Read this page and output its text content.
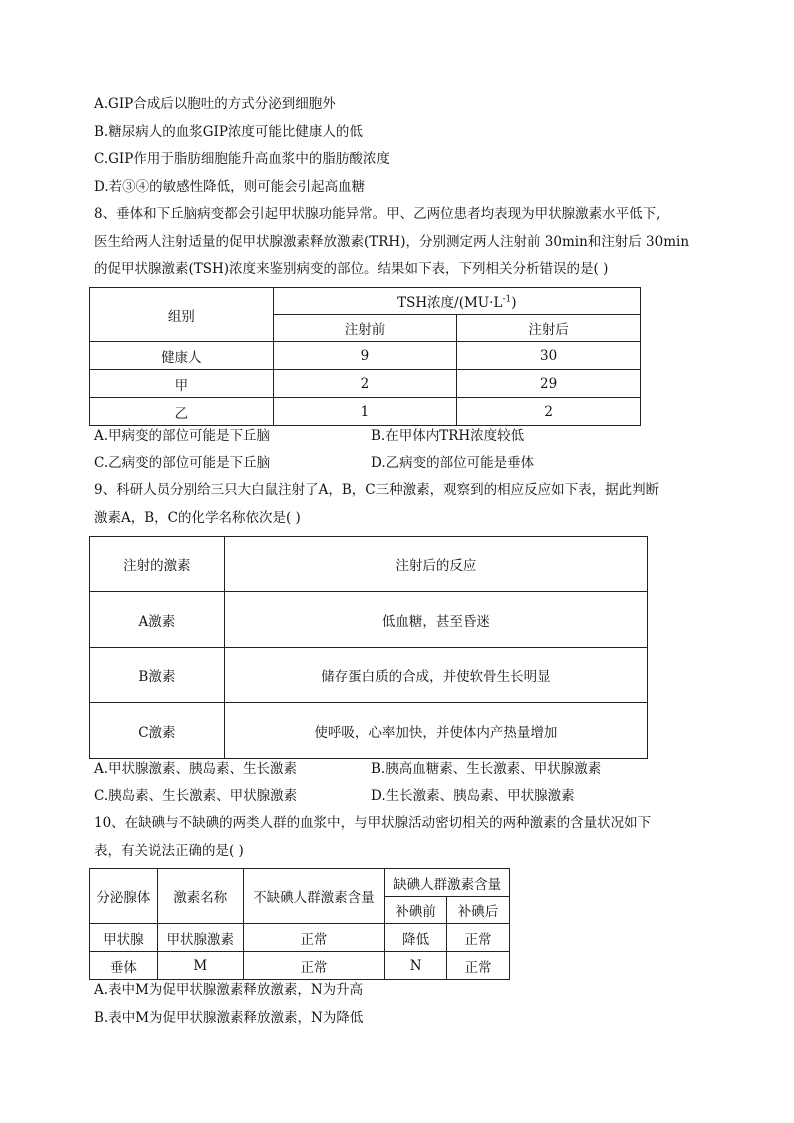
A.GIP合成后以胞吐的方式分泌到细胞外
B.糖尿病人的血浆GIP浓度可能比健康人的低
C.GIP作用于脂肪细胞能升高血浆中的脂肪酸浓度
D.若③④的敏感性降低，则可能会引起高血糖
8、垂体和下丘脑病变都会引起甲状腺功能异常。甲、乙两位患者均表现为甲状腺激素水平低下,
医生给两人注射适量的促甲状腺激素释放激素(TRH)，分别测定两人注射前 30min和注射后 30min
的促甲状腺激素(TSH)浓度来鉴别病变的部位。结果如下表，下列相关分析错误的是( )
组别	TSH浓度$/(MU\cdot L^{-1})$	
	注射前	注射后
健康人	9	30
甲	2	29
乙	1	2
A.甲病变的部位可能是下丘脑	B.在甲体内TRH浓度较低
C.乙病变的部位可能是下丘脑	D.乙病变的部位可能是垂体
9、科研人员分别给三只大白鼠注射了A，B，C三种激素，观察到的相应反应如下表，据此判断
激素A，B，C的化学名称依次是( )
注射的激素	注射后的反应
A激素	低血糖，甚至昏迷
B激素	储存蛋白质的合成，并使软骨生长明显
C激素	使呼吸，心率加快，并使体内产热量增加
A.甲状腺激素、胰岛素、生长激素	B.胰高血糖素、生长激素、甲状腺激素
C.胰岛素、生长激素、甲状腺激素	D.生长激素、胰岛素、甲状腺激素
10、在缺碘与不缺碘的两类人群的血浆中，与甲状腺活动密切相关的两种激素的含量状况如下
表，有关说法正确的是( )
分泌腺体	激素名称	不缺碘人群激素含量	缺碘人群激素含量	
			补碘前	补碘后
甲状腺	甲状腺激素	正常	降低	正常
垂体	M	正常	N	正常
A.表中M为促甲状腺激素释放激素，N为升高
B.表中M为促甲状腺激素释放激素，N为降低
